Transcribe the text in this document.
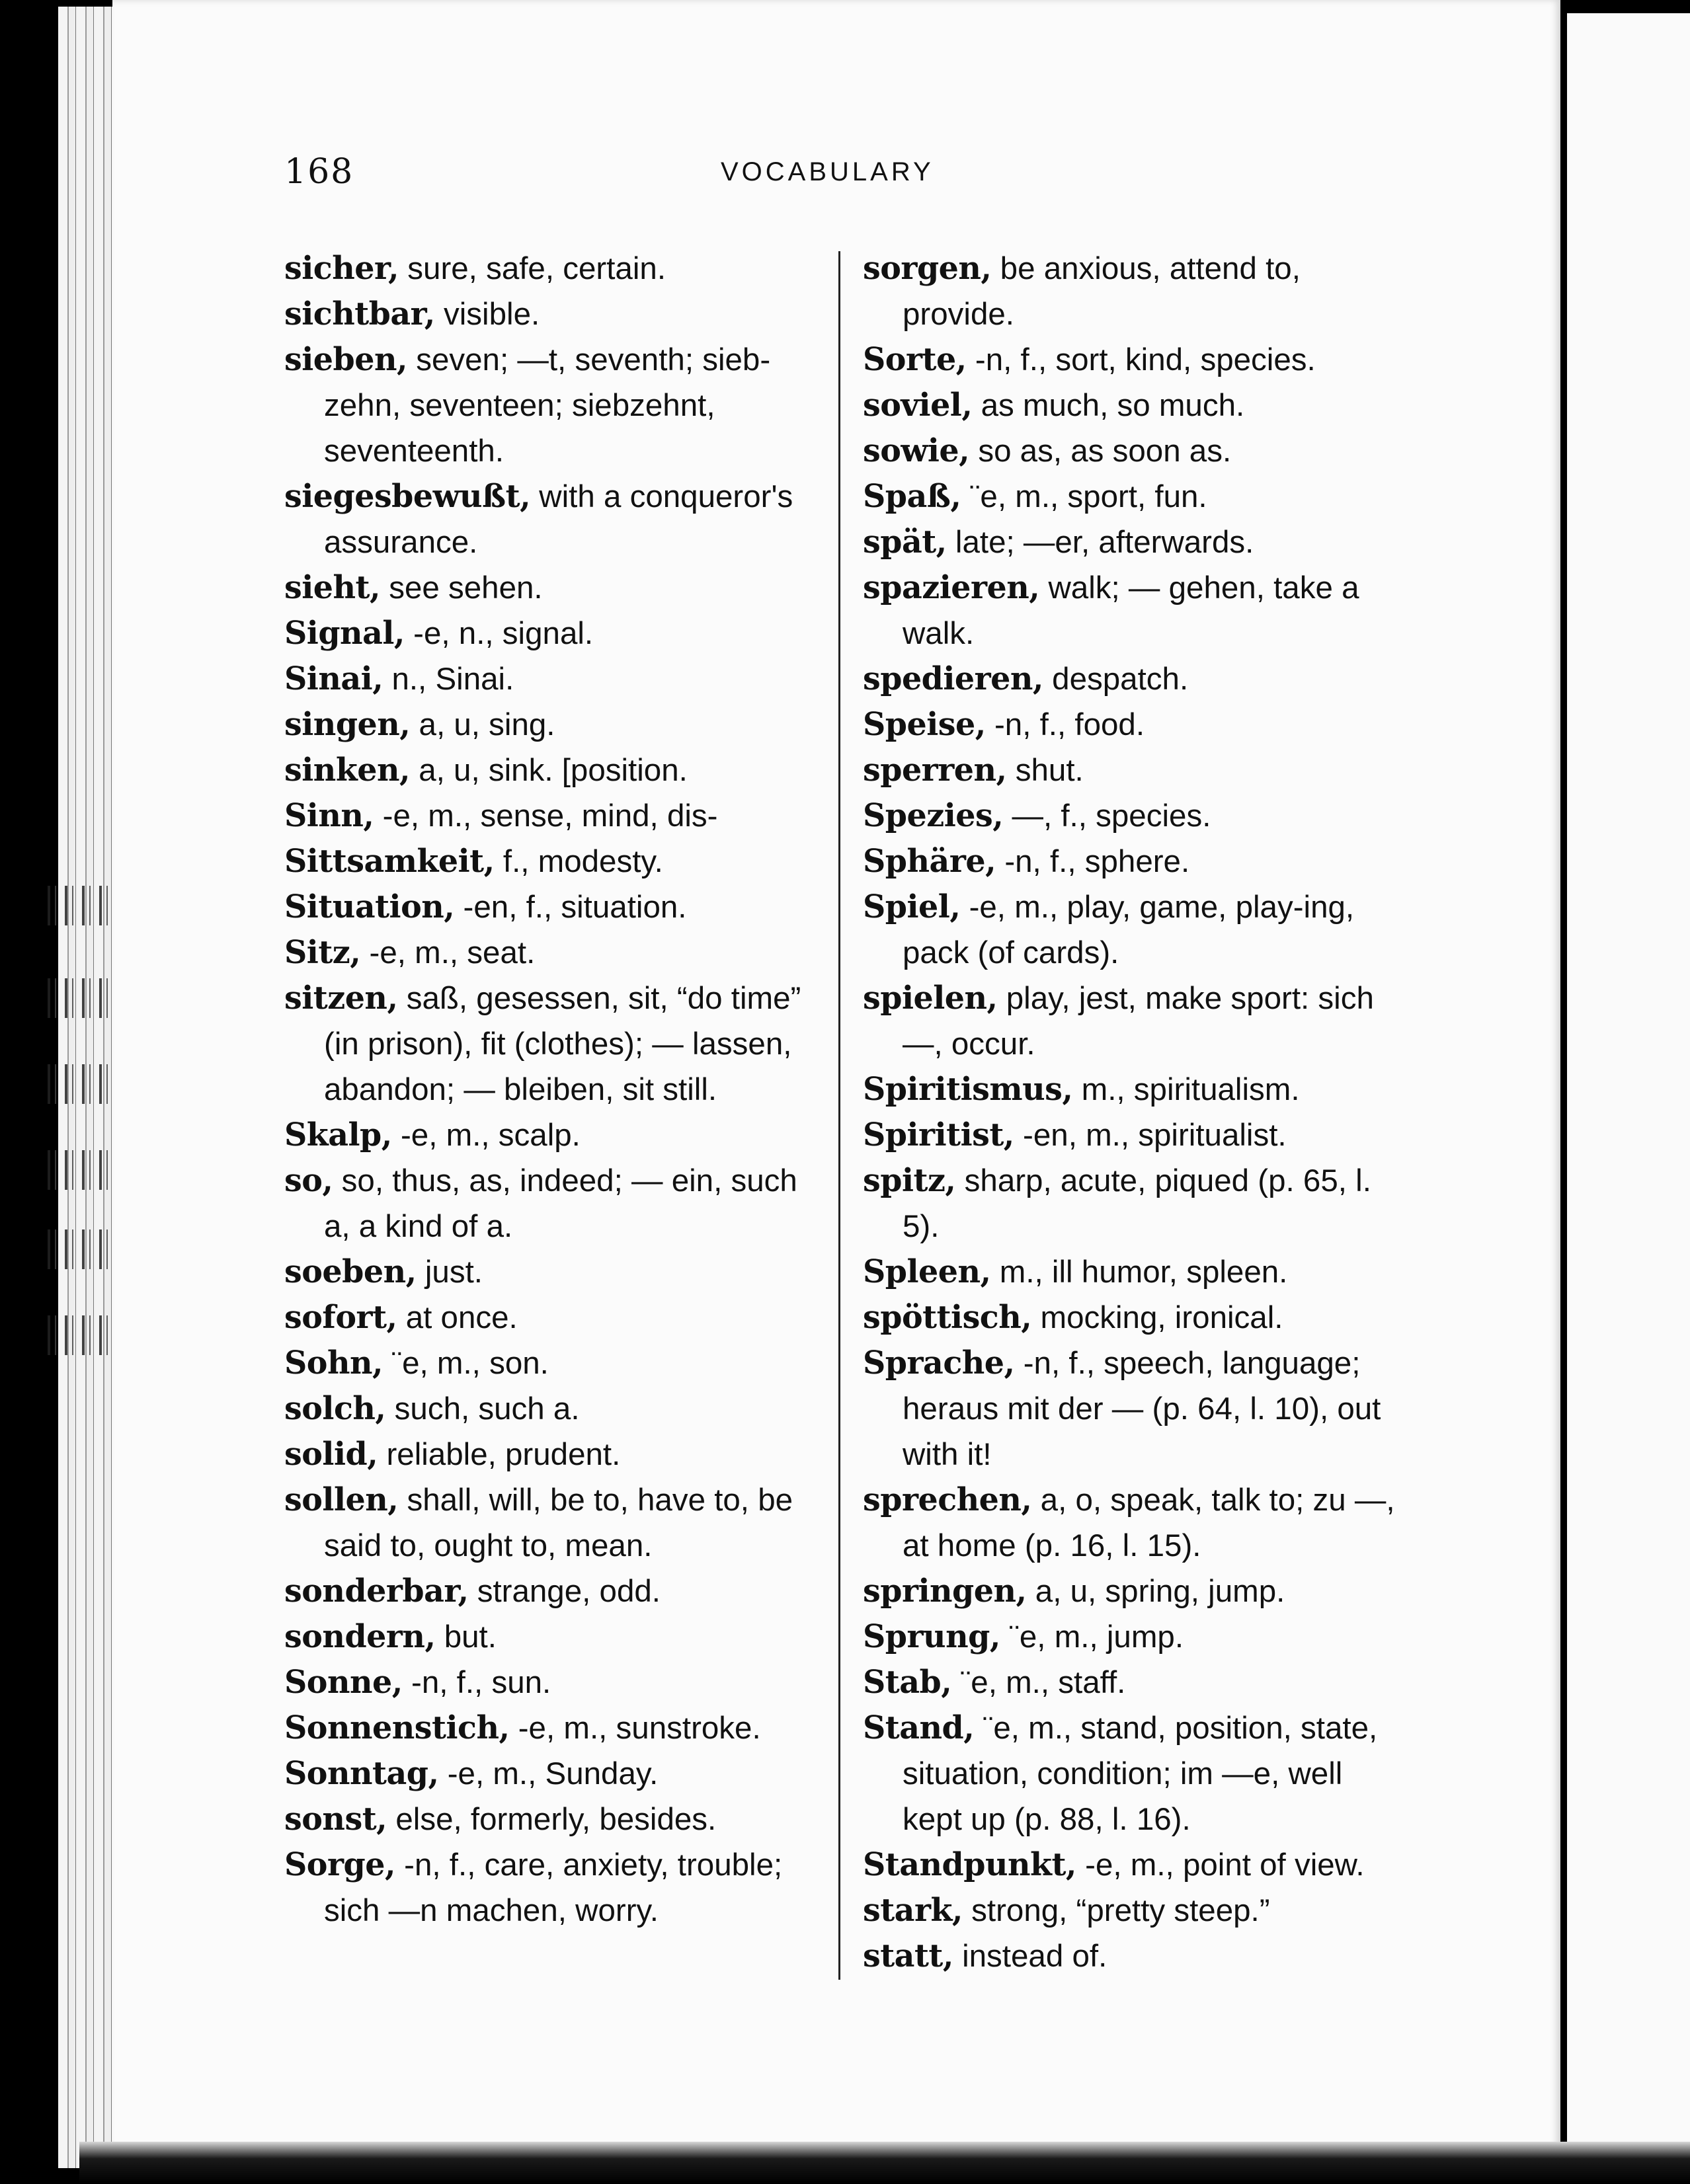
168	VOCABULARY
sicher, sure, safe, certain.
sichtbar, visible.
sieben, seven; —t, seventh; sieb-zehn, seventeen; siebzehnt, seventeenth.
siegesbewußt, with a conqueror's assurance.
sieht, see sehen.
Signal, -e, n., signal.
Sinai, n., Sinai.
singen, a, u, sing.
sinken, a, u, sink. [position.
Sinn, -e, m., sense, mind, dis-
Sittsamkeit, f., modesty.
Situation, -en, f., situation.
Sitz, -e, m., seat.
sitzen, saß, gesessen, sit, “do time” (in prison), fit (clothes); — lassen, abandon; — bleiben, sit still.
Skalp, -e, m., scalp.
so, so, thus, as, indeed; — ein, such a, a kind of a.
soeben, just.
sofort, at once.
Sohn, ¨e, m., son.
solch, such, such a.
solid, reliable, prudent.
sollen, shall, will, be to, have to, be said to, ought to, mean.
sonderbar, strange, odd.
sondern, but.
Sonne, -n, f., sun.
Sonnenstich, -e, m., sunstroke.
Sonntag, -e, m., Sunday.
sonst, else, formerly, besides.
Sorge, -n, f., care, anxiety, trouble; sich —n machen, worry.
sorgen, be anxious, attend to, provide.
Sorte, -n, f., sort, kind, species.
soviel, as much, so much.
sowie, so as, as soon as.
Spaß, ¨e, m., sport, fun.
spät, late; —er, afterwards.
spazieren, walk; — gehen, take a walk.
spedieren, despatch.
Speise, -n, f., food.
sperren, shut.
Spezies, —, f., species.
Sphäre, -n, f., sphere.
Spiel, -e, m., play, game, play-ing, pack (of cards).
spielen, play, jest, make sport: sich —, occur.
Spiritismus, m., spiritualism.
Spiritist, -en, m., spiritualist.
spitz, sharp, acute, piqued (p. 65, l. 5).
Spleen, m., ill humor, spleen.
spöttisch, mocking, ironical.
Sprache, -n, f., speech, language; heraus mit der — (p. 64, l. 10), out with it!
sprechen, a, o, speak, talk to; zu —, at home (p. 16, l. 15).
springen, a, u, spring, jump.
Sprung, ¨e, m., jump.
Stab, ¨e, m., staff.
Stand, ¨e, m., stand, position, state, situation, condition; im —e, well kept up (p. 88, l. 16).
Standpunkt, -e, m., point of view.
stark, strong, “pretty steep.”
statt, instead of.
